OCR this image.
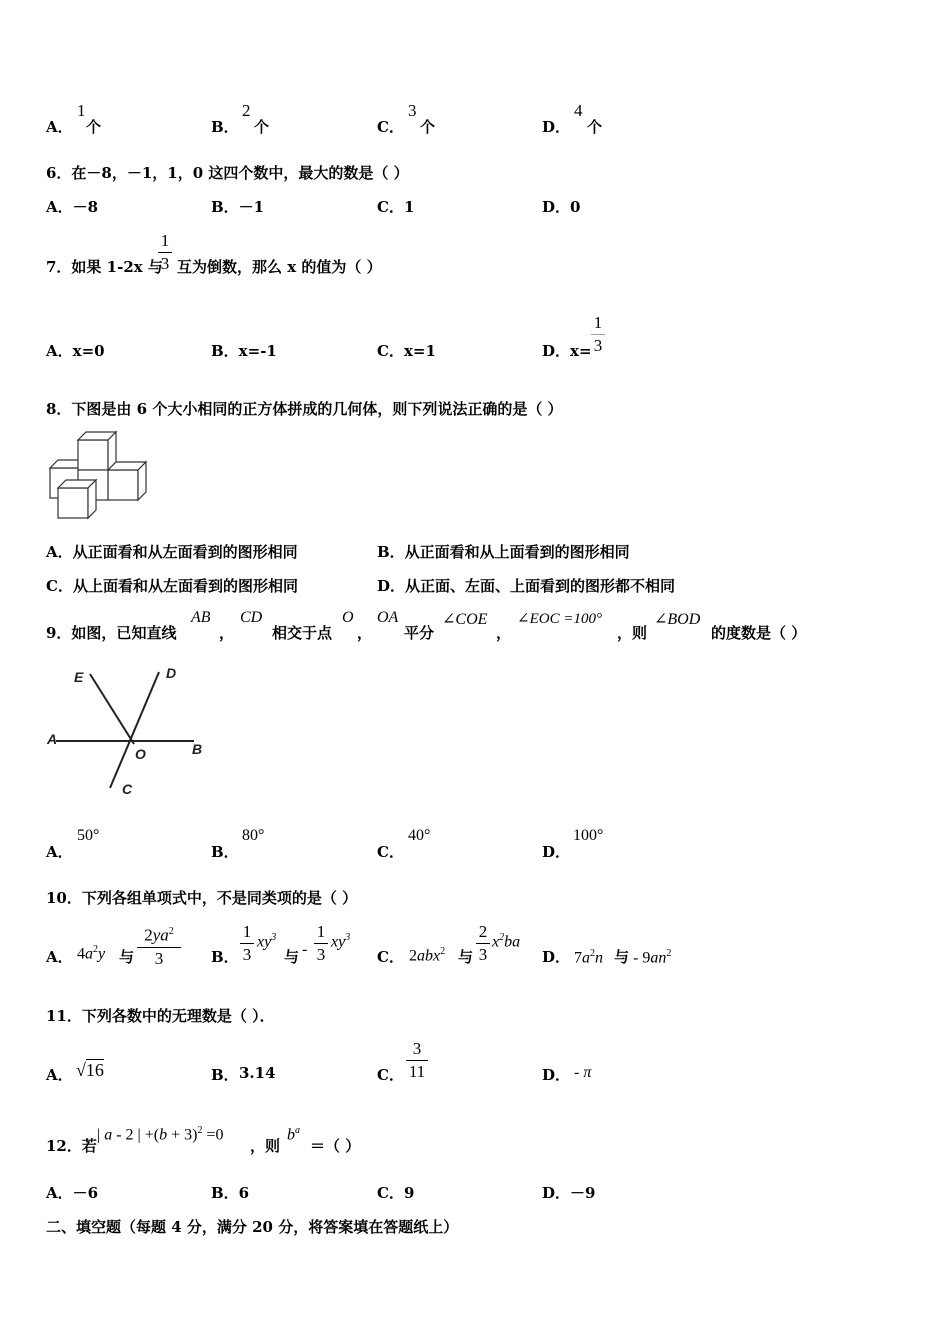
A．
1
个	B．
2
个	C．
3
个	D．
4
个
6．在－8，－1，1，0 这四个数中，最大的数是（ ）
A．－8	B．－1	C．1	D．0
7．如果 1-2x 与
1
3 互为倒数，那么 x 的值为（ ）
A．x=0	B．x=-1	C．x=1	D．x=
1
3
8．下图是由 6 个大小相同的正方体拼成的几何体，则下列说法正确的是（ ）
A．从正面看和从左面看到的图形相同	B．从正面看和从上面看到的图形相同
C．从上面看和从左面看到的图形相同	D．从正面、左面、上面看到的图形都不相同
9．如图，已知直线
AB
，
CD
相交于点
O
，
OA
平分
∠COE
，
∠EOC =100°
，则
∠BOD
的度数是（ ）
E	D
A
O	B
C
A．
50°
B．
80°
C．
40°
D．
100°
10．下列各组单项式中，不是同类项的是（ ）
A． $4a^2y$ 与
$2ya^2$
3	B．
1
3
$xy^3$
与 -
1
3
$xy^3$
C． 2abx$^2$ 与
2
3
$x^2ba$
D． $7a^2n$ 与 - $9an^2$
11．下列各数中的无理数是（ ）．
A． √16	B． 3.14	C．
3
11	D． - π
12．若
| a - 2 | $+(b + 3)^2 =0$
，则
$b^a$
＝（ ）
A．－6	B．6	C．9	D．－9
二、填空题（每题 4 分，满分 20 分，将答案填在答题纸上）
